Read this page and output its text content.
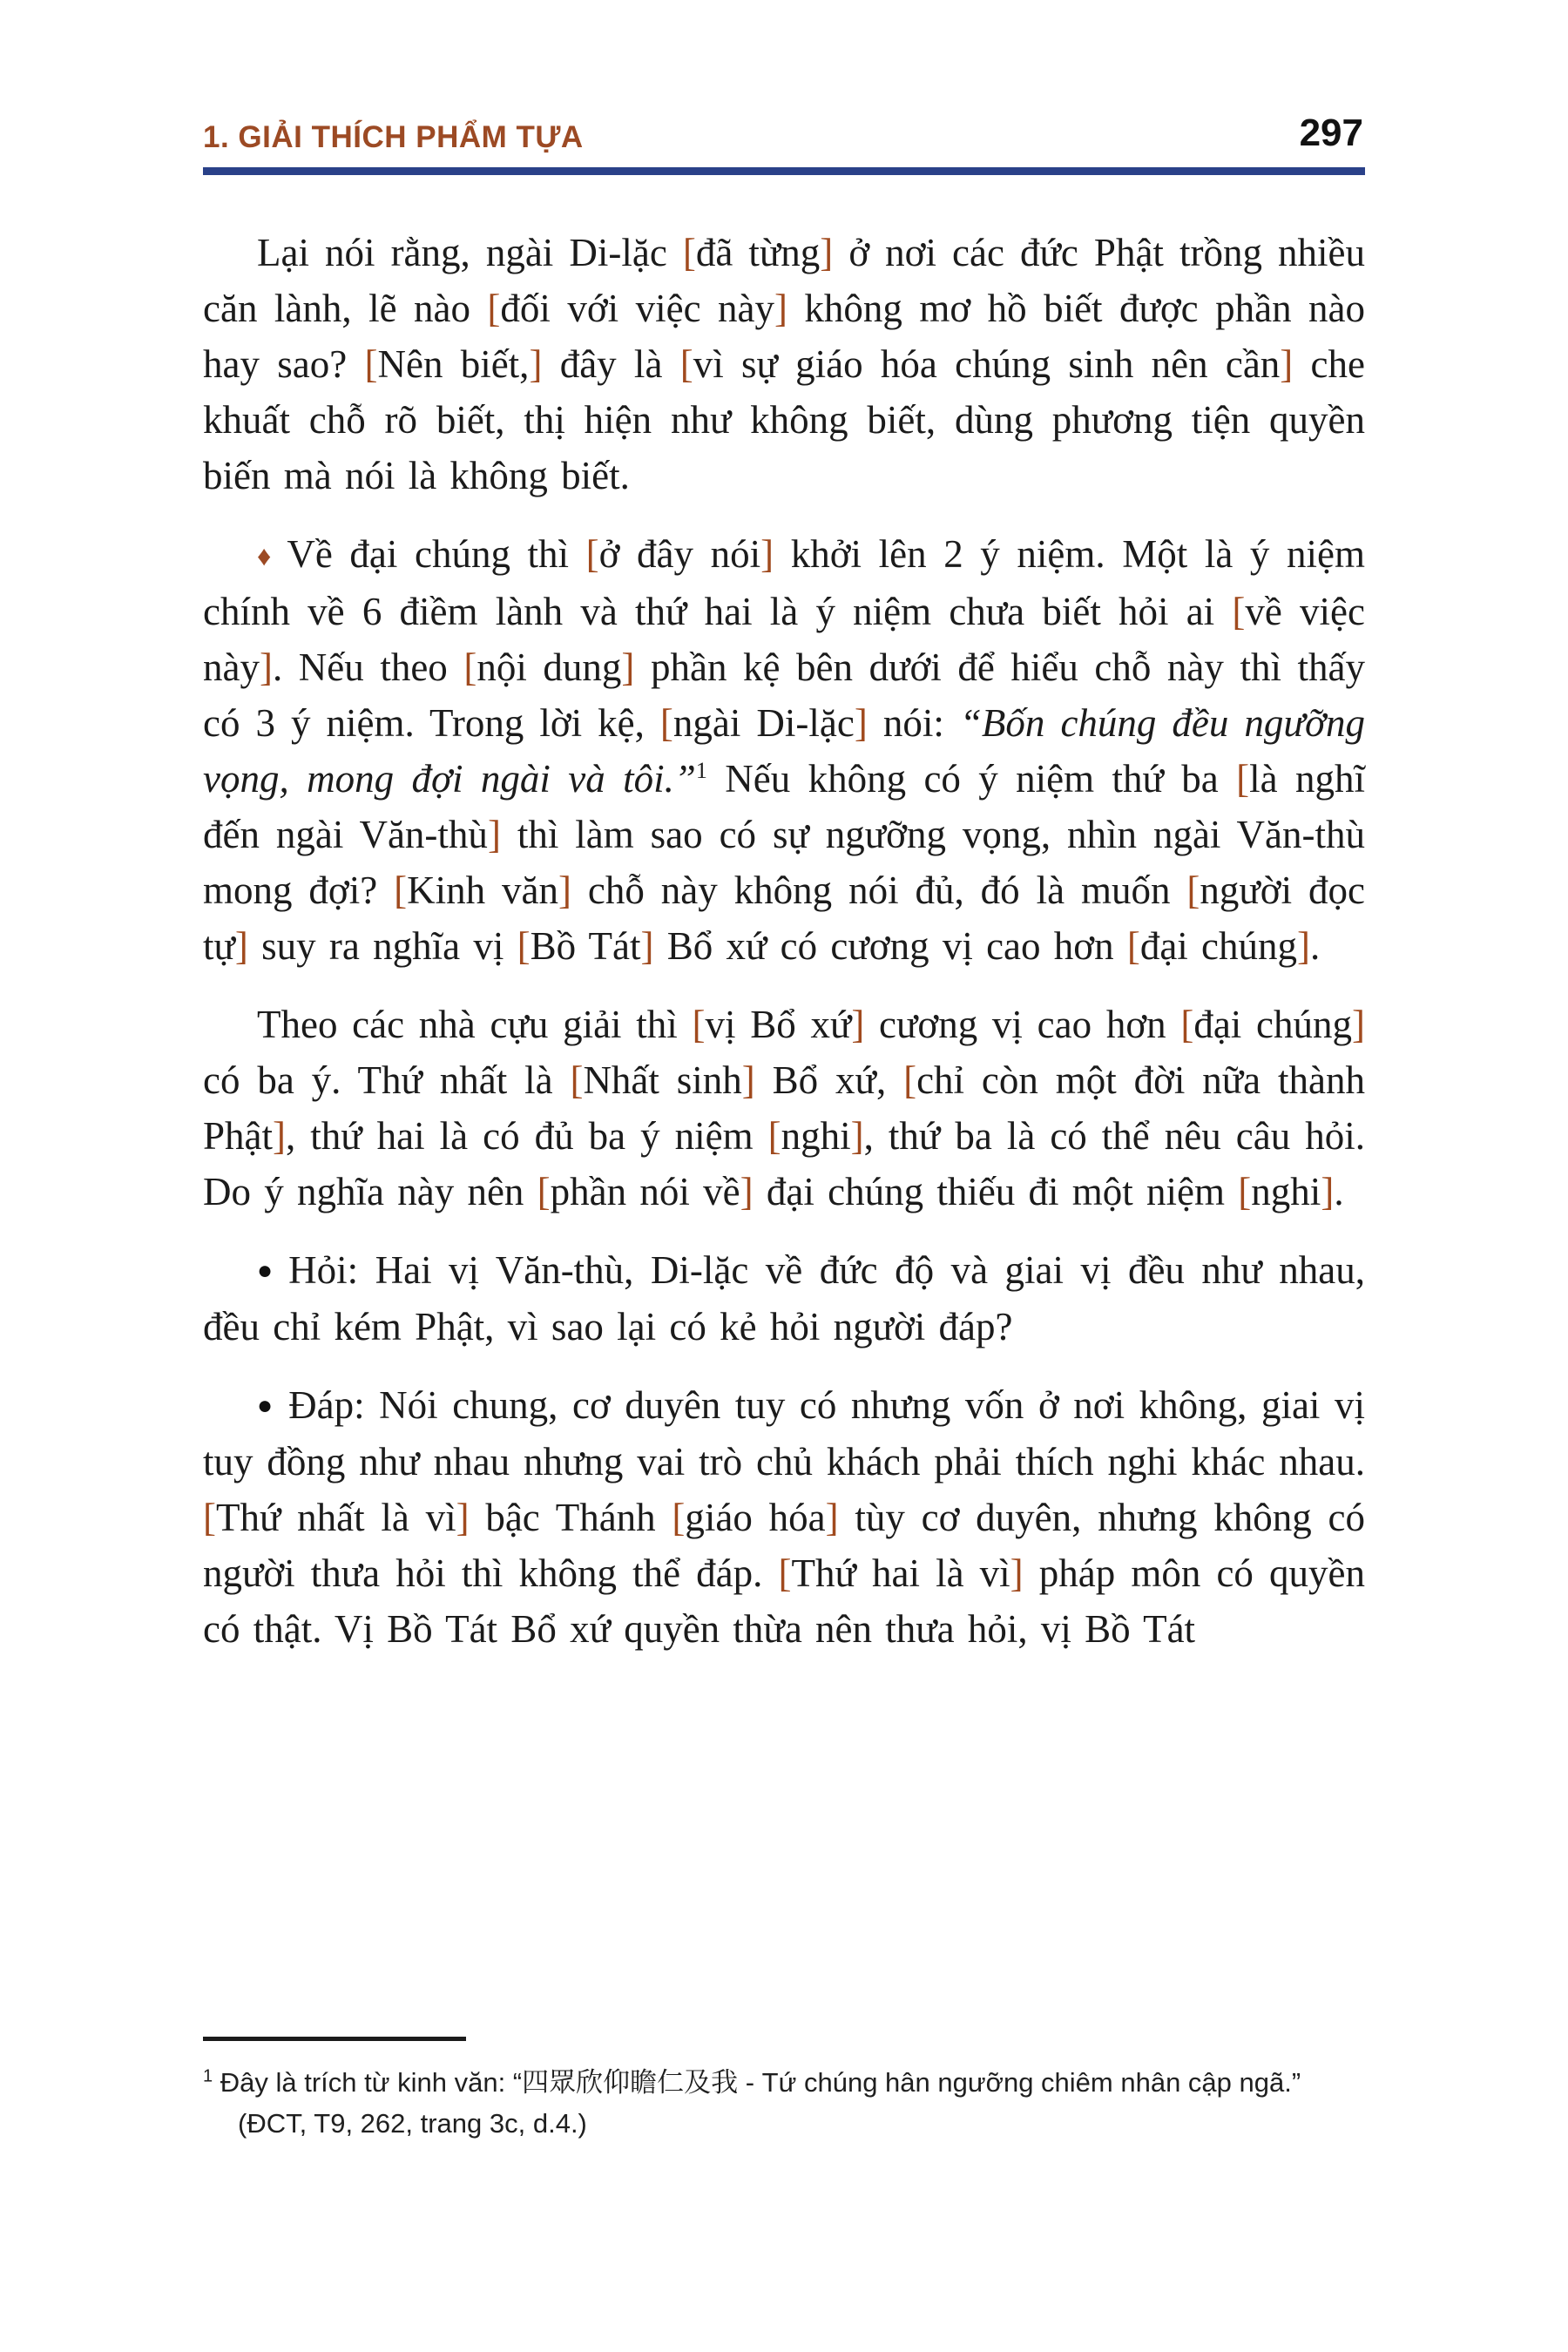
1. GIẢI THÍCH PHẨM TỰA	297

Lại nói rằng, ngài Di-lặc [đã từng] ở nơi các đức Phật trồng nhiều căn lành, lẽ nào [đối với việc này] không mơ hồ biết được phần nào hay sao? [Nên biết,] đây là [vì sự giáo hóa chúng sinh nên cần] che khuất chỗ rõ biết, thị hiện như không biết, dùng phương tiện quyền biến mà nói là không biết.

♦ Về đại chúng thì [ở đây nói] khởi lên 2 ý niệm. Một là ý niệm chính về 6 điềm lành và thứ hai là ý niệm chưa biết hỏi ai [về việc này]. Nếu theo [nội dung] phần kệ bên dưới để hiểu chỗ này thì thấy có 3 ý niệm. Trong lời kệ, [ngài Di-lặc] nói: “Bốn chúng đều ngưỡng vọng, mong đợi ngài và tôi.”$^1$ Nếu không có ý niệm thứ ba [là nghĩ đến ngài Văn-thù] thì làm sao có sự ngưỡng vọng, nhìn ngài Văn-thù mong đợi? [Kinh văn] chỗ này không nói đủ, đó là muốn [người đọc tự] suy ra nghĩa vị [Bồ Tát] Bổ xứ có cương vị cao hơn [đại chúng].

Theo các nhà cựu giải thì [vị Bổ xứ] cương vị cao hơn [đại chúng] có ba ý. Thứ nhất là [Nhất sinh] Bổ xứ, [chỉ còn một đời nữa thành Phật], thứ hai là có đủ ba ý niệm [nghi], thứ ba là có thể nêu câu hỏi. Do ý nghĩa này nên [phần nói về] đại chúng thiếu đi một niệm [nghi].

● Hỏi: Hai vị Văn-thù, Di-lặc về đức độ và giai vị đều như nhau, đều chỉ kém Phật, vì sao lại có kẻ hỏi người đáp?

● Đáp: Nói chung, cơ duyên tuy có nhưng vốn ở nơi không, giai vị tuy đồng như nhau nhưng vai trò chủ khách phải thích nghi khác nhau. [Thứ nhất là vì] bậc Thánh [giáo hóa] tùy cơ duyên, nhưng không có người thưa hỏi thì không thể đáp. [Thứ hai là vì] pháp môn có quyền có thật. Vị Bồ Tát Bổ xứ quyền thừa nên thưa hỏi, vị Bồ Tát

$^1$ Đây là trích từ kinh văn: “四眾欣仰瞻仁及我 - Tứ chúng hân ngưỡng chiêm nhân cập ngã.” (ĐCT, T9, 262, trang 3c, d.4.)
